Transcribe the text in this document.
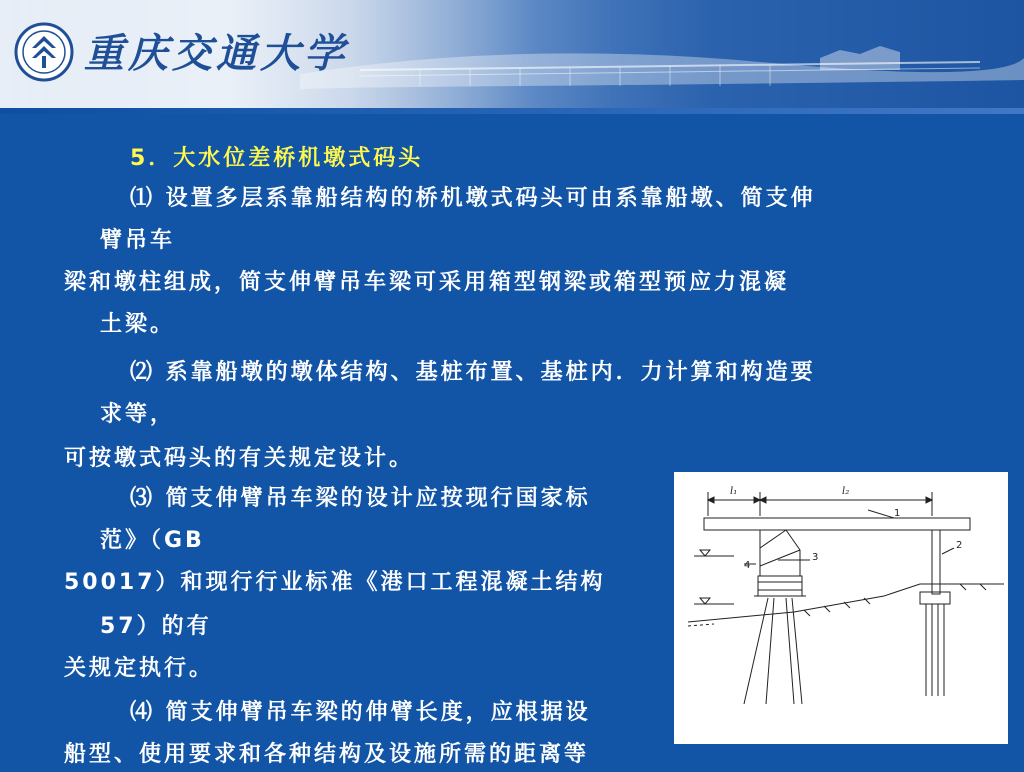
重庆交通大学
5．大水位差桥机墩式码头
⑴ 设置多层系靠船结构的桥机墩式码头可由系靠船墩、简支伸
臂吊车
梁和墩柱组成，简支伸臂吊车梁可采用箱型钢梁或箱型预应力混凝
土梁。
⑵ 系靠船墩的墩体结构、基桩布置、基桩内．力计算和构造要
求等，
可按墩式码头的有关规定设计。
⑶ 简支伸臂吊车梁的设计应按现行国家标
范》（GB
50017）和现行行业标准《港口工程混凝土结构
57）的有
关规定执行。
⑷ 简支伸臂吊车梁的伸臂长度，应根据设
船型、使用要求和各种结构及设施所需的距离等
l₁	l₂
1
2
3
4
